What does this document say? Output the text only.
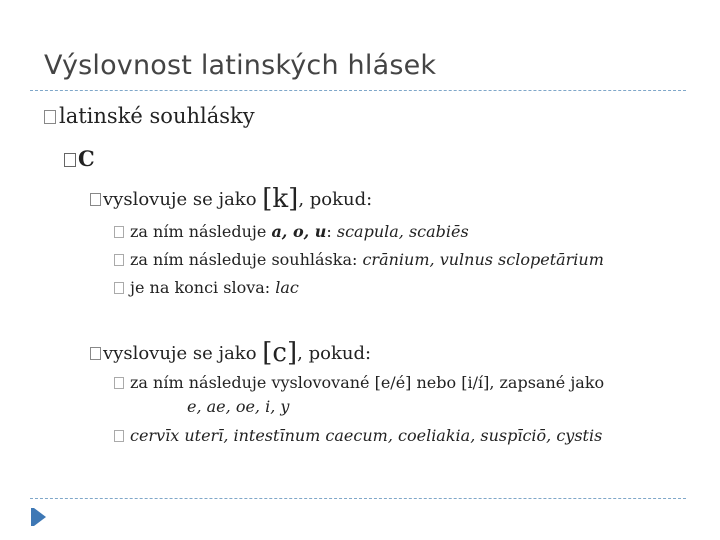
Výslovnost latinských hlásek
latinské souhlásky
C
vyslovuje se jako [k], pokud:
za ním následuje a, o, u: scapula, scabiēs
za ním následuje souhláska: crānium, vulnus sclopetārium
je na konci slova: lac
vyslovuje se jako [c], pokud:
za ním následuje vyslovované [e/é] nebo [i/í], zapsané jako
e, ae, oe, i, y
cervīx uterī, intestīnum caecum, coeliakia, suspīciō, cystis
